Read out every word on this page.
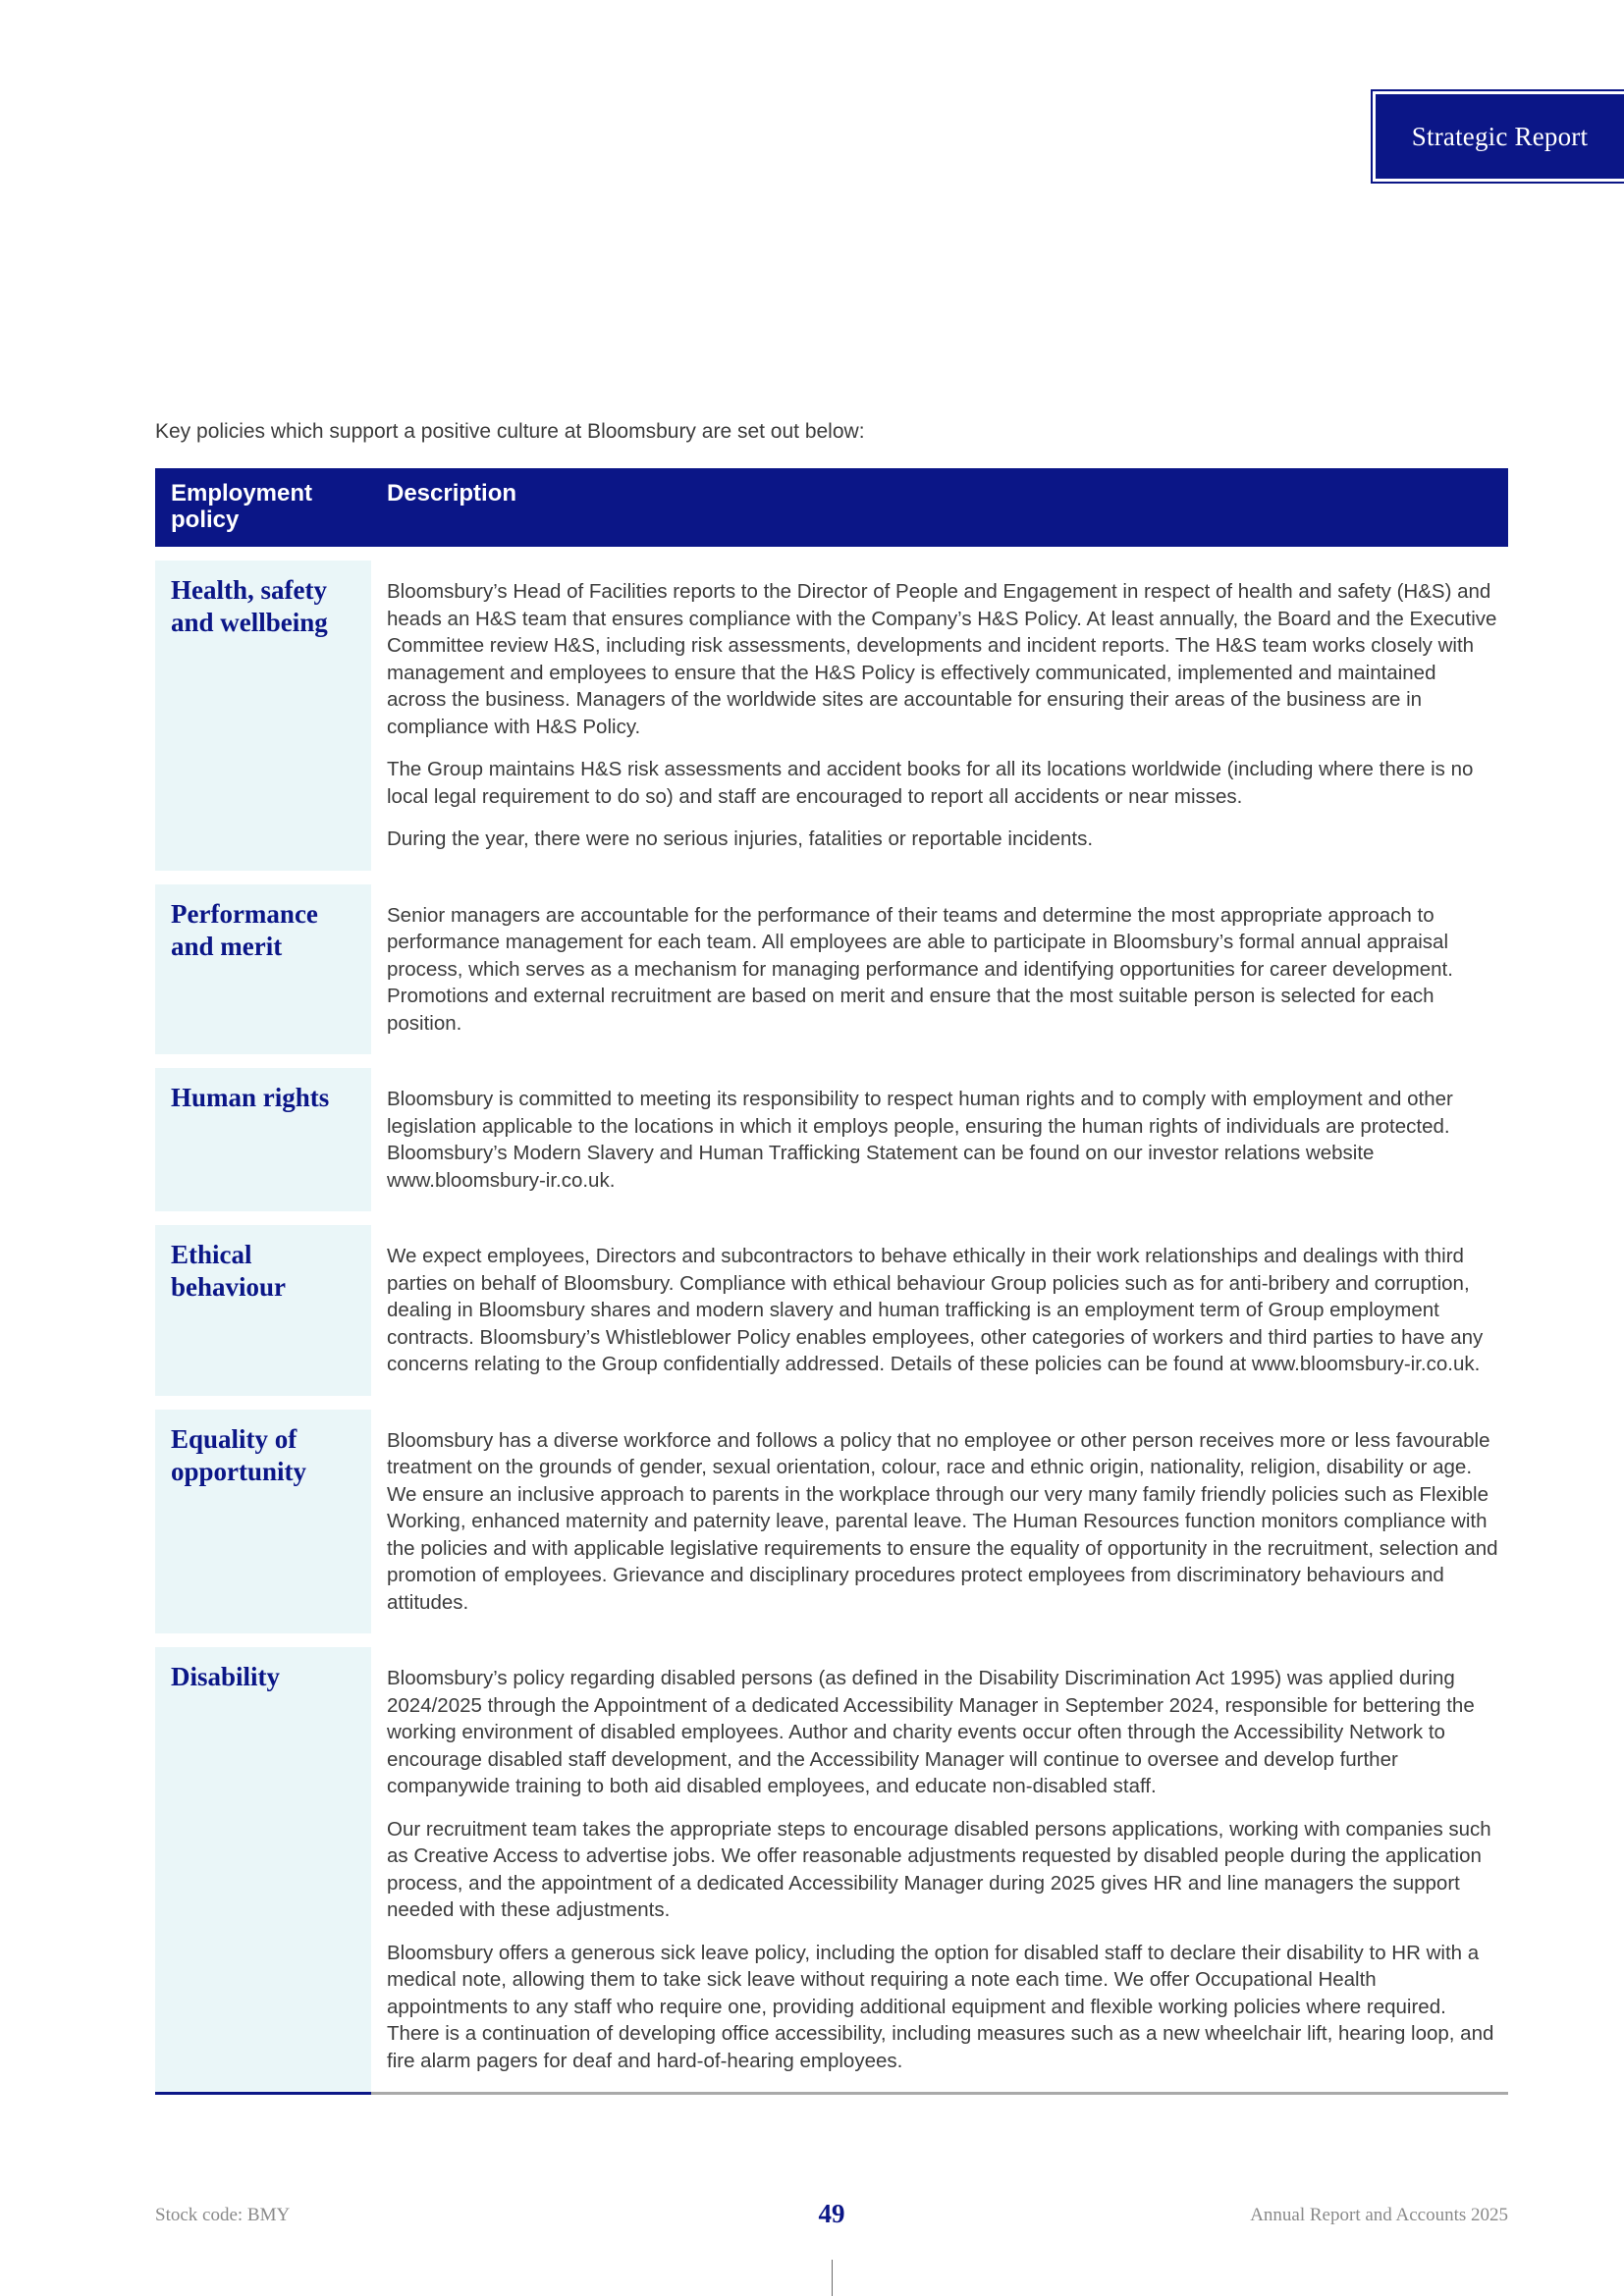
Strategic Report
Key policies which support a positive culture at Bloomsbury are set out below:
Employment policy	Description

Health, safety and wellbeing	Bloomsbury’s Head of Facilities reports to the Director of People and Engagement in respect of health and safety (H&S) and heads an H&S team that ensures compliance with the Company’s H&S Policy. At least annually, the Board and the Executive Committee review H&S, including risk assessments, developments and incident reports. The H&S team works closely with management and employees to ensure that the H&S Policy is effectively communicated, implemented and maintained across the business. Managers of the worldwide sites are accountable for ensuring their areas of the business are in compliance with H&S Policy.

The Group maintains H&S risk assessments and accident books for all its locations worldwide (including where there is no local legal requirement to do so) and staff are encouraged to report all accidents or near misses.

During the year, there were no serious injuries, fatalities or reportable incidents.

Performance and merit	Senior managers are accountable for the performance of their teams and determine the most appropriate approach to performance management for each team. All employees are able to participate in Bloomsbury’s formal annual appraisal process, which serves as a mechanism for managing performance and identifying opportunities for career development. Promotions and external recruitment are based on merit and ensure that the most suitable person is selected for each position.

Human rights	Bloomsbury is committed to meeting its responsibility to respect human rights and to comply with employment and other legislation applicable to the locations in which it employs people, ensuring the human rights of individuals are protected. Bloomsbury’s Modern Slavery and Human Trafficking Statement can be found on our investor relations website www.bloomsbury-ir.co.uk.

Ethical behaviour	We expect employees, Directors and subcontractors to behave ethically in their work relationships and dealings with third parties on behalf of Bloomsbury. Compliance with ethical behaviour Group policies such as for anti-bribery and corruption, dealing in Bloomsbury shares and modern slavery and human trafficking is an employment term of Group employment contracts. Bloomsbury’s Whistleblower Policy enables employees, other categories of workers and third parties to have any concerns relating to the Group confidentially addressed. Details of these policies can be found at www.bloomsbury-ir.co.uk.

Equality of opportunity	Bloomsbury has a diverse workforce and follows a policy that no employee or other person receives more or less favourable treatment on the grounds of gender, sexual orientation, colour, race and ethnic origin, nationality, religion, disability or age. We ensure an inclusive approach to parents in the workplace through our very many family friendly policies such as Flexible Working, enhanced maternity and paternity leave, parental leave. The Human Resources function monitors compliance with the policies and with applicable legislative requirements to ensure the equality of opportunity in the recruitment, selection and promotion of employees. Grievance and disciplinary procedures protect employees from discriminatory behaviours and attitudes.

Disability	Bloomsbury’s policy regarding disabled persons (as defined in the Disability Discrimination Act 1995) was applied during 2024/2025 through the Appointment of a dedicated Accessibility Manager in September 2024, responsible for bettering the working environment of disabled employees. Author and charity events occur often through the Accessibility Network to encourage disabled staff development, and the Accessibility Manager will continue to oversee and develop further companywide training to both aid disabled employees, and educate non-disabled staff.

Our recruitment team takes the appropriate steps to encourage disabled persons applications, working with companies such as Creative Access to advertise jobs. We offer reasonable adjustments requested by disabled people during the application process, and the appointment of a dedicated Accessibility Manager during 2025 gives HR and line managers the support needed with these adjustments.

Bloomsbury offers a generous sick leave policy, including the option for disabled staff to declare their disability to HR with a medical note, allowing them to take sick leave without requiring a note each time. We offer Occupational Health appointments to any staff who require one, providing additional equipment and flexible working policies where required. There is a continuation of developing office accessibility, including measures such as a new wheelchair lift, hearing loop, and fire alarm pagers for deaf and hard-of-hearing employees.

Stock code: BMY	49	Annual Report and Accounts 2025
